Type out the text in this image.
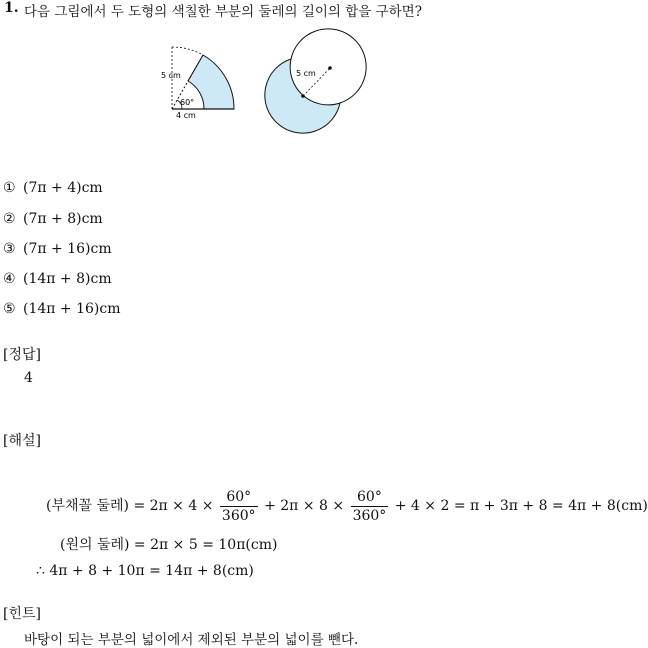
1. 다음 그림에서 두 도형의 색칠한 부분의 둘레의 길이의 합을 구하면?
5 cm
60°
4 cm
5 cm
① (7π + 4)cm
② (7π + 8)cm
③ (7π + 16)cm
④ (14π + 8)cm
⑤ (14π + 16)cm
[정답]
4
[해설]
(부채꼴 둘레) = $2\pi \times 4 \times \frac{60^\circ}{360^\circ} + 2\pi \times 8 \times \frac{60^\circ}{360^\circ} + 4 \times 2 = \pi + 3\pi + 8 = 4\pi + 8(cm)$
(원의 둘레) = 2π × 5 = 10π(cm)
∴ 4π + 8 + 10π = 14π + 8(cm)
[힌트]
바탕이 되는 부분의 넓이에서 제외된 부분의 넓이를 뺀다.
